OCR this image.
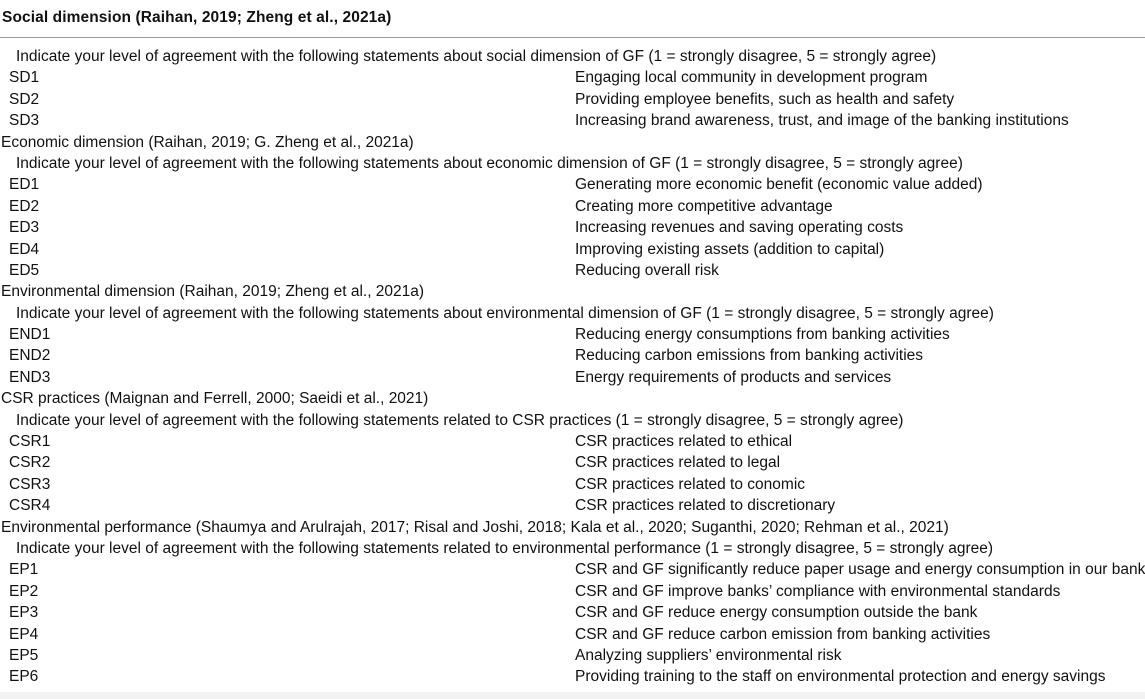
Social dimension (Raihan, 2019; Zheng et al., 2021a)
Indicate your level of agreement with the following statements about social dimension of GF (1 = strongly disagree, 5 = strongly agree)
SD1	Engaging local community in development program
SD2	Providing employee benefits, such as health and safety
SD3	Increasing brand awareness, trust, and image of the banking institutions
Economic dimension (Raihan, 2019; G. Zheng et al., 2021a)
Indicate your level of agreement with the following statements about economic dimension of GF (1 = strongly disagree, 5 = strongly agree)
ED1	Generating more economic benefit (economic value added)
ED2	Creating more competitive advantage
ED3	Increasing revenues and saving operating costs
ED4	Improving existing assets (addition to capital)
ED5	Reducing overall risk
Environmental dimension (Raihan, 2019; Zheng et al., 2021a)
Indicate your level of agreement with the following statements about environmental dimension of GF (1 = strongly disagree, 5 = strongly agree)
END1	Reducing energy consumptions from banking activities
END2	Reducing carbon emissions from banking activities
END3	Energy requirements of products and services
CSR practices (Maignan and Ferrell, 2000; Saeidi et al., 2021)
Indicate your level of agreement with the following statements related to CSR practices (1 = strongly disagree, 5 = strongly agree)
CSR1	CSR practices related to ethical
CSR2	CSR practices related to legal
CSR3	CSR practices related to conomic
CSR4	CSR practices related to discretionary
Environmental performance (Shaumya and Arulrajah, 2017; Risal and Joshi, 2018; Kala et al., 2020; Suganthi, 2020; Rehman et al., 2021)
Indicate your level of agreement with the following statements related to environmental performance (1 = strongly disagree, 5 = strongly agree)
EP1	CSR and GF significantly reduce paper usage and energy consumption in our bank
EP2	CSR and GF improve banks’ compliance with environmental standards
EP3	CSR and GF reduce energy consumption outside the bank
EP4	CSR and GF reduce carbon emission from banking activities
EP5	Analyzing suppliers’ environmental risk
EP6	Providing training to the staff on environmental protection and energy savings
